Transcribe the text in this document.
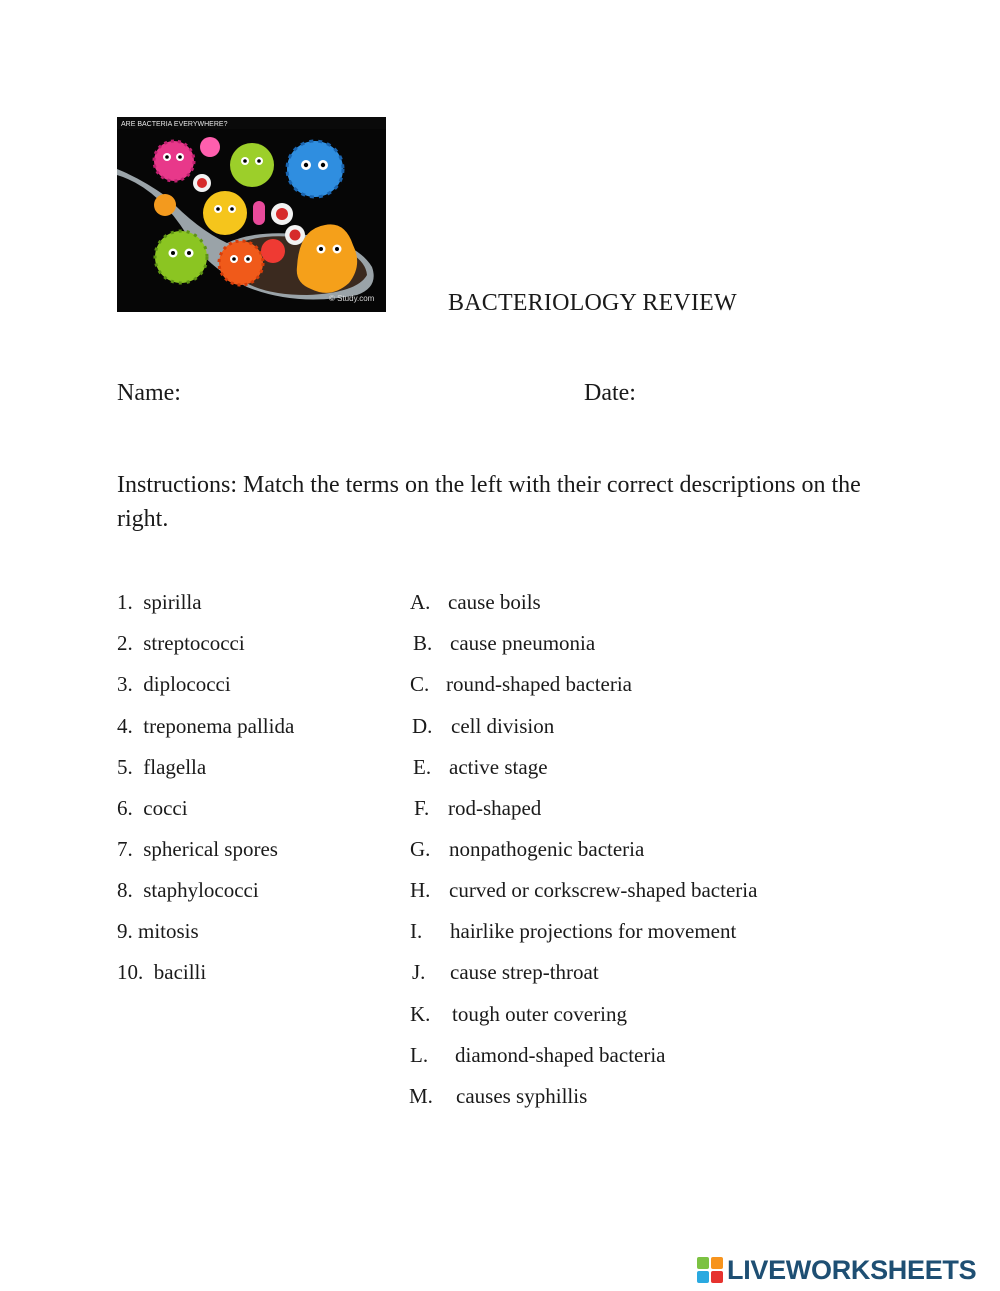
ARE BACTERIA EVERYWHERE?
© Study.com	BACTERIOLOGY REVIEW
Name:	Date:
Instructions: Match the terms on the left with their correct descriptions on the right.
1. spirilla
2. streptococci
3. diplococci
4. treponema pallida
5. flagella
6. cocci
7. spherical spores
8. staphylococci
9. mitosis
10. bacilli
A. cause boils
B. cause pneumonia
C. round-shaped bacteria
D. cell division
E. active stage
F. rod-shaped
G. nonpathogenic bacteria
H. curved or corkscrew-shaped bacteria
I. hairlike projections for movement
J. cause strep-throat
K. tough outer covering
L. diamond-shaped bacteria
M. causes syphillis
LIVEWORKSHEETS
